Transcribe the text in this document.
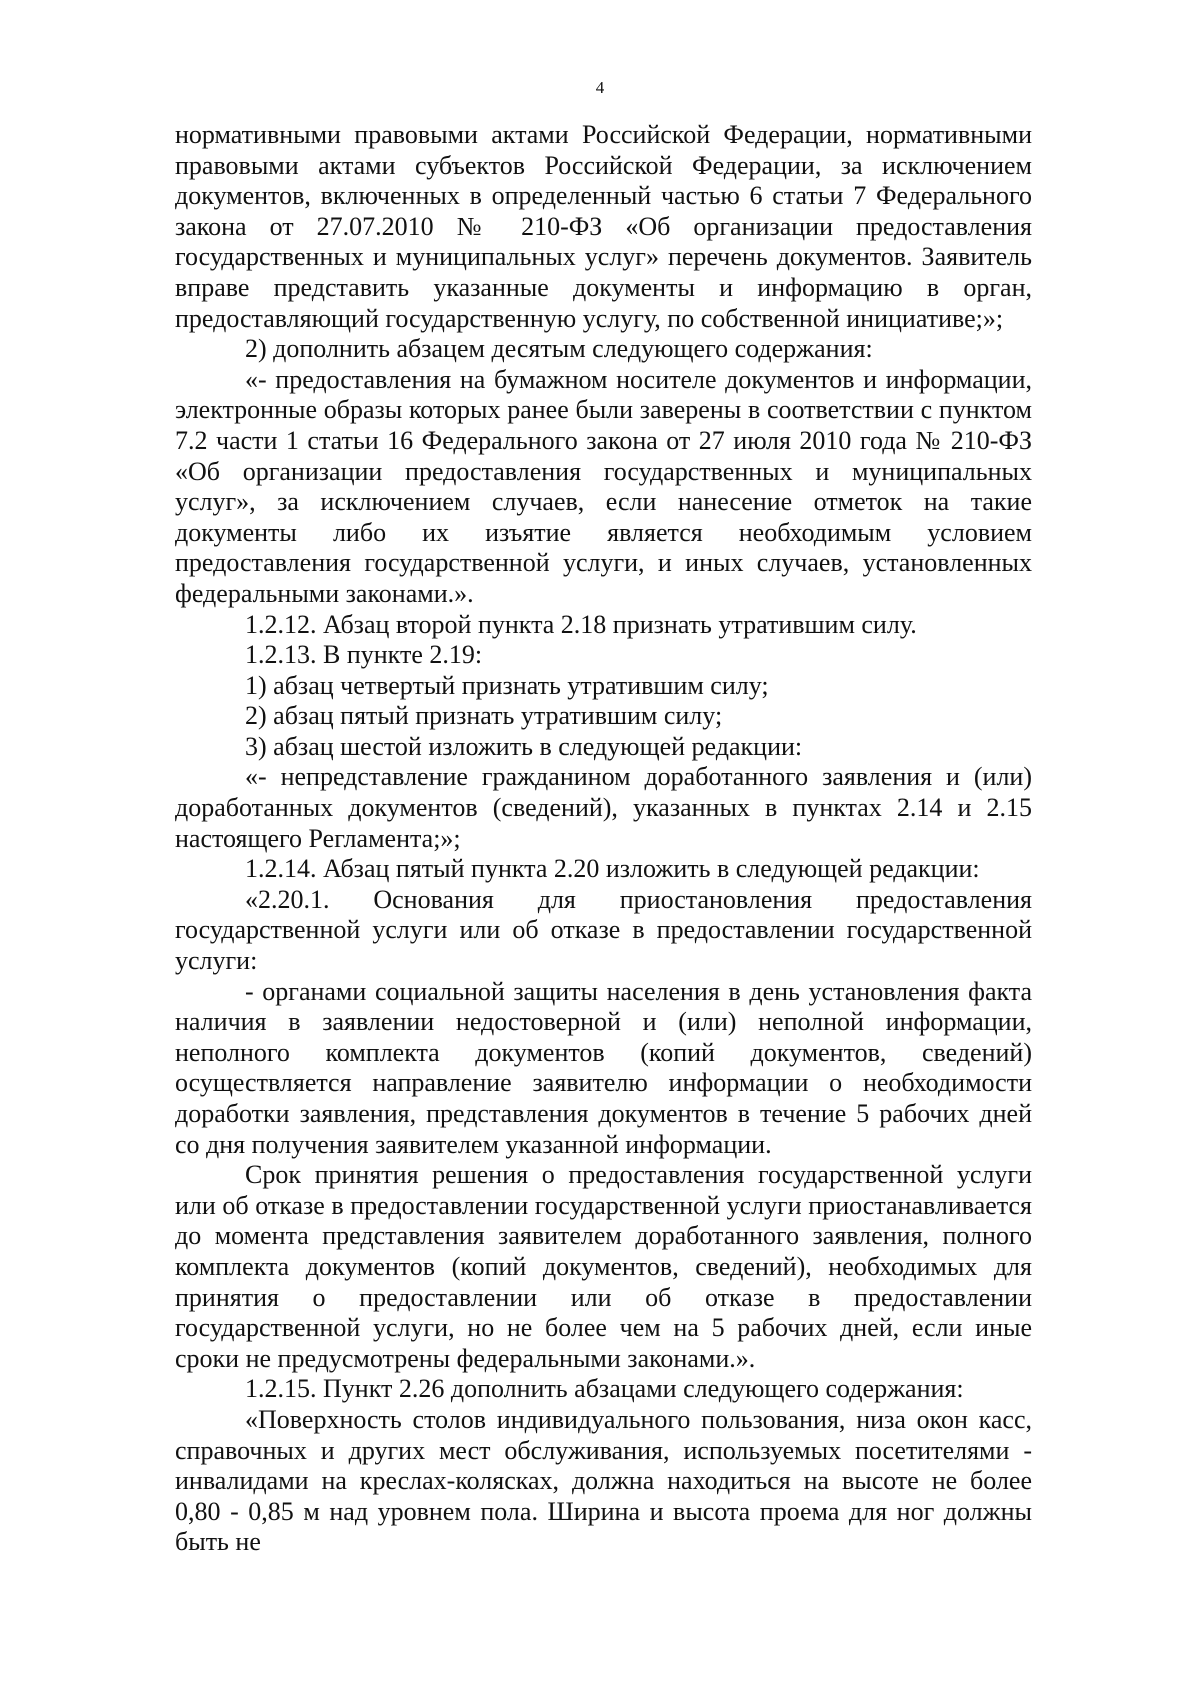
4

нормативными правовыми актами Российской Федерации, нормативными правовыми актами субъектов Российской Федерации, за исключением документов, включенных в определенный частью 6 статьи 7 Федерального закона от 27.07.2010 № 210-ФЗ «Об организации предоставления государственных и муниципальных услуг» перечень документов. Заявитель вправе представить указанные документы и информацию в орган, предоставляющий государственную услугу, по собственной инициативе;»;

2) дополнить абзацем десятым следующего содержания:

«- предоставления на бумажном носителе документов и информации, электронные образы которых ранее были заверены в соответствии с пунктом 7.2 части 1 статьи 16 Федерального закона от 27 июля 2010 года № 210-ФЗ «Об организации предоставления государственных и муниципальных услуг», за исключением случаев, если нанесение отметок на такие документы либо их изъятие является необходимым условием предоставления государственной услуги, и иных случаев, установленных федеральными законами.».

1.2.12. Абзац второй пункта 2.18 признать утратившим силу.

1.2.13. В пункте 2.19:

1) абзац четвертый признать утратившим силу;

2) абзац пятый признать утратившим силу;

3) абзац шестой изложить в следующей редакции:

«- непредставление гражданином доработанного заявления и (или) доработанных документов (сведений), указанных в пунктах 2.14 и 2.15 настоящего Регламента;»;

1.2.14. Абзац пятый пункта 2.20 изложить в следующей редакции:

«2.20.1. Основания для приостановления предоставления государственной услуги или об отказе в предоставлении государственной услуги:

- органами социальной защиты населения в день установления факта наличия в заявлении недостоверной и (или) неполной информации, неполного комплекта документов (копий документов, сведений) осуществляется направление заявителю информации о необходимости доработки заявления, представления документов в течение 5 рабочих дней со дня получения заявителем указанной информации.

Срок принятия решения о предоставления государственной услуги или об отказе в предоставлении государственной услуги приостанавливается до момента представления заявителем доработанного заявления, полного комплекта документов (копий документов, сведений), необходимых для принятия о предоставлении или об отказе в предоставлении государственной услуги, но не более чем на 5 рабочих дней, если иные сроки не предусмотрены федеральными законами.».

1.2.15. Пункт 2.26 дополнить абзацами следующего содержания:

«Поверхность столов индивидуального пользования, низа окон касс, справочных и других мест обслуживания, используемых посетителями - инвалидами на креслах-колясках, должна находиться на высоте не более 0,80 - 0,85 м над уровнем пола. Ширина и высота проема для ног должны быть не
